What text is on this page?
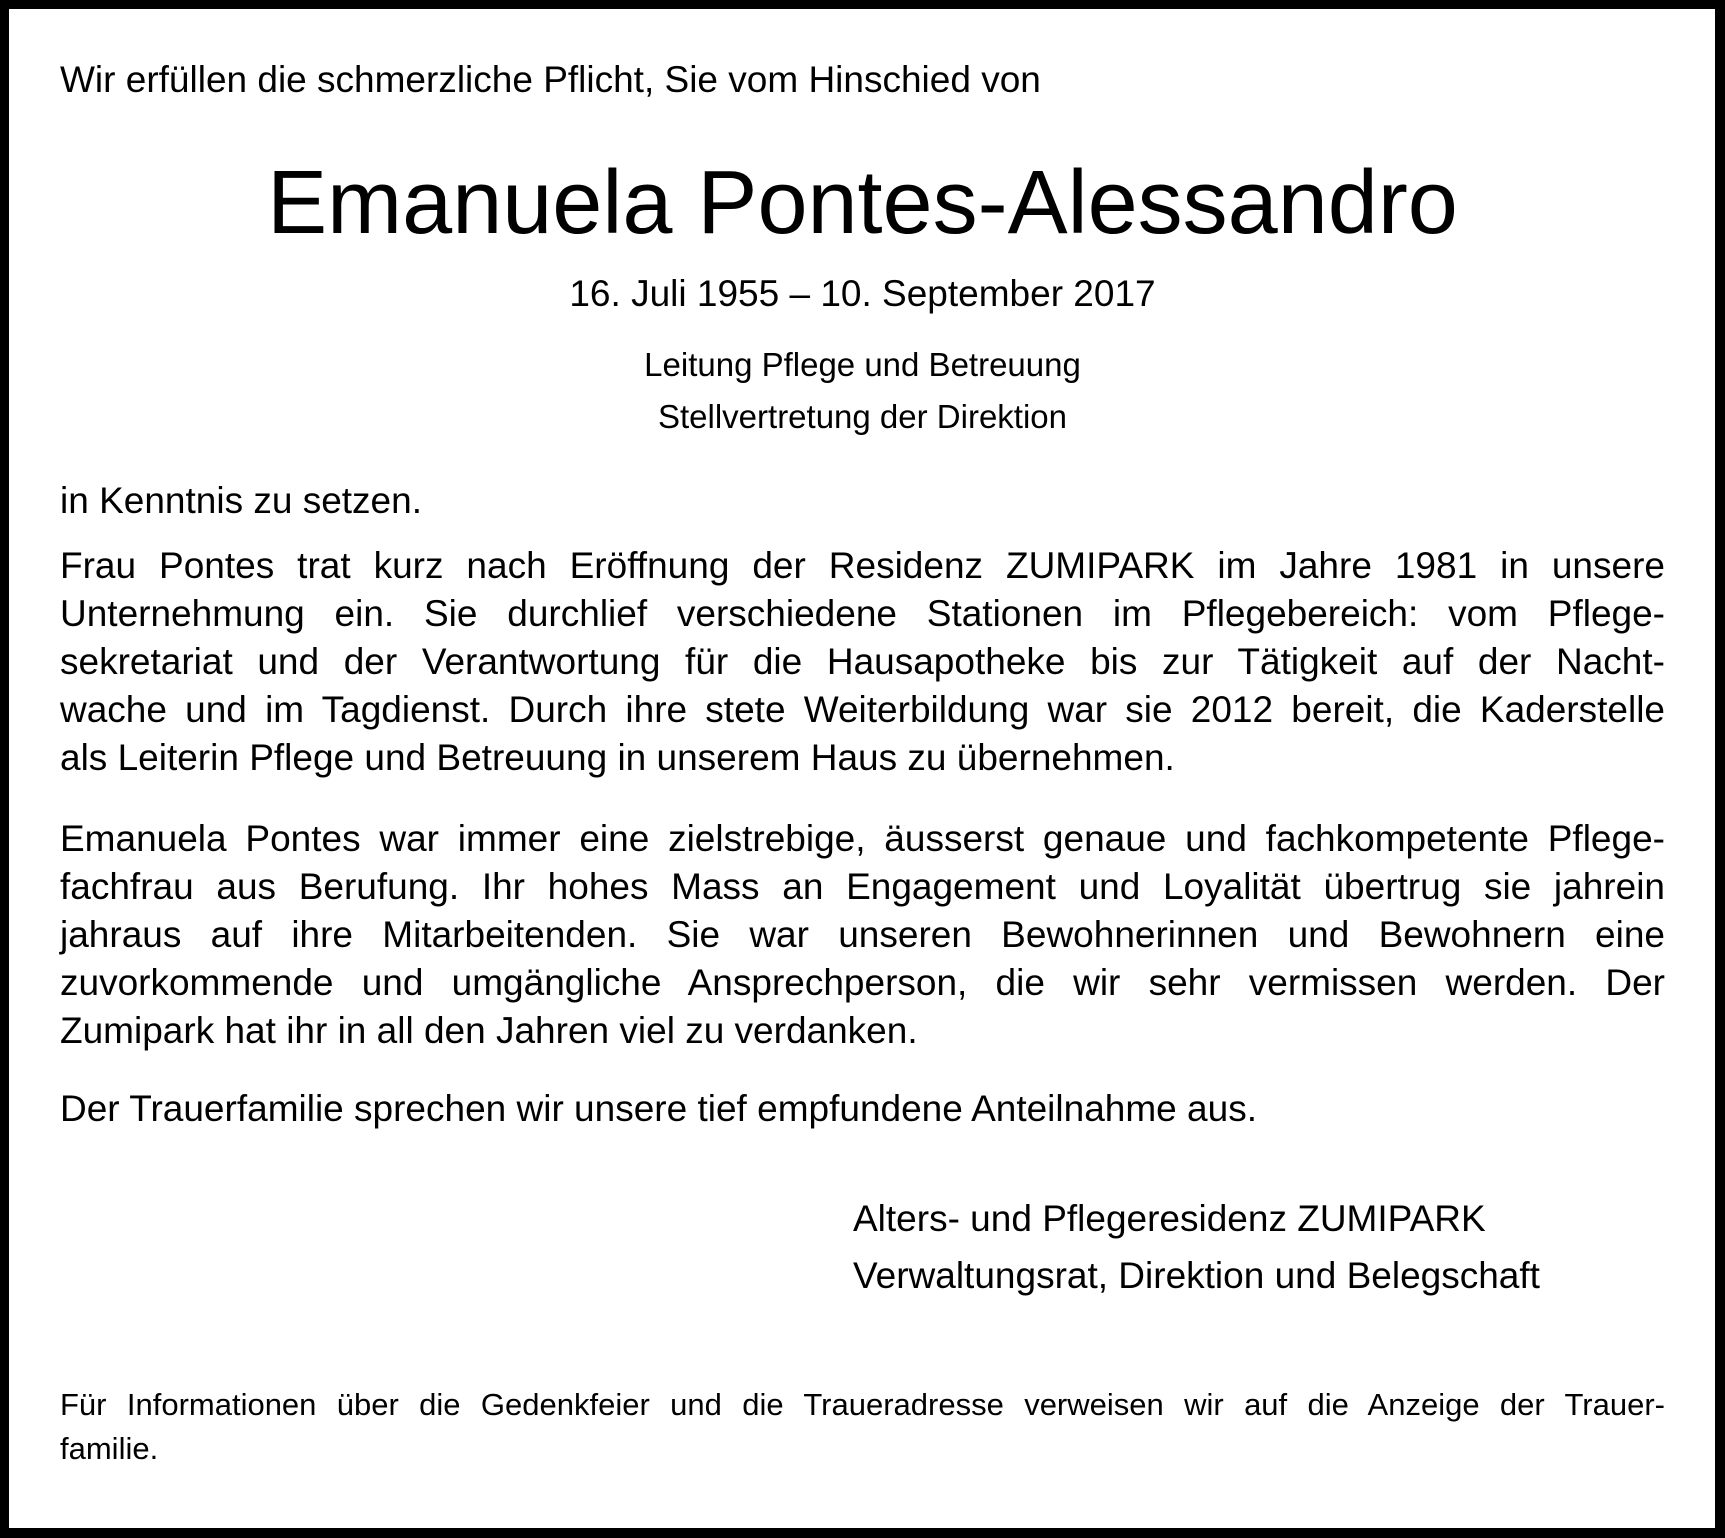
Wir erfüllen die schmerzliche Pflicht, Sie vom Hinschied von
Emanuela Pontes-Alessandro
16. Juli 1955 – 10. September 2017
Leitung Pflege und Betreuung
Stellvertretung der Direktion
in Kenntnis zu setzen.
Frau Pontes trat kurz nach Eröffnung der Residenz ZUMIPARK im Jahre 1981 in unsere
Unternehmung ein. Sie durchlief verschiedene Stationen im Pflegebereich: vom Pflege-
sekretariat und der Verantwortung für die Hausapotheke bis zur Tätigkeit auf der Nacht-
wache und im Tagdienst. Durch ihre stete Weiterbildung war sie 2012 bereit, die Kaderstelle
als Leiterin Pflege und Betreuung in unserem Haus zu übernehmen.
Emanuela Pontes war immer eine zielstrebige, äusserst genaue und fachkompetente Pflege-
fachfrau aus Berufung. Ihr hohes Mass an Engagement und Loyalität übertrug sie jahrein
jahraus auf ihre Mitarbeitenden. Sie war unseren Bewohnerinnen und Bewohnern eine
zuvorkommende und umgängliche Ansprechperson, die wir sehr vermissen werden. Der
Zumipark hat ihr in all den Jahren viel zu verdanken.
Der Trauerfamilie sprechen wir unsere tief empfundene Anteilnahme aus.
Alters- und Pflegeresidenz ZUMIPARK
Verwaltungsrat, Direktion und Belegschaft
Für Informationen über die Gedenkfeier und die Traueradresse verweisen wir auf die Anzeige der Trauer-
familie.
